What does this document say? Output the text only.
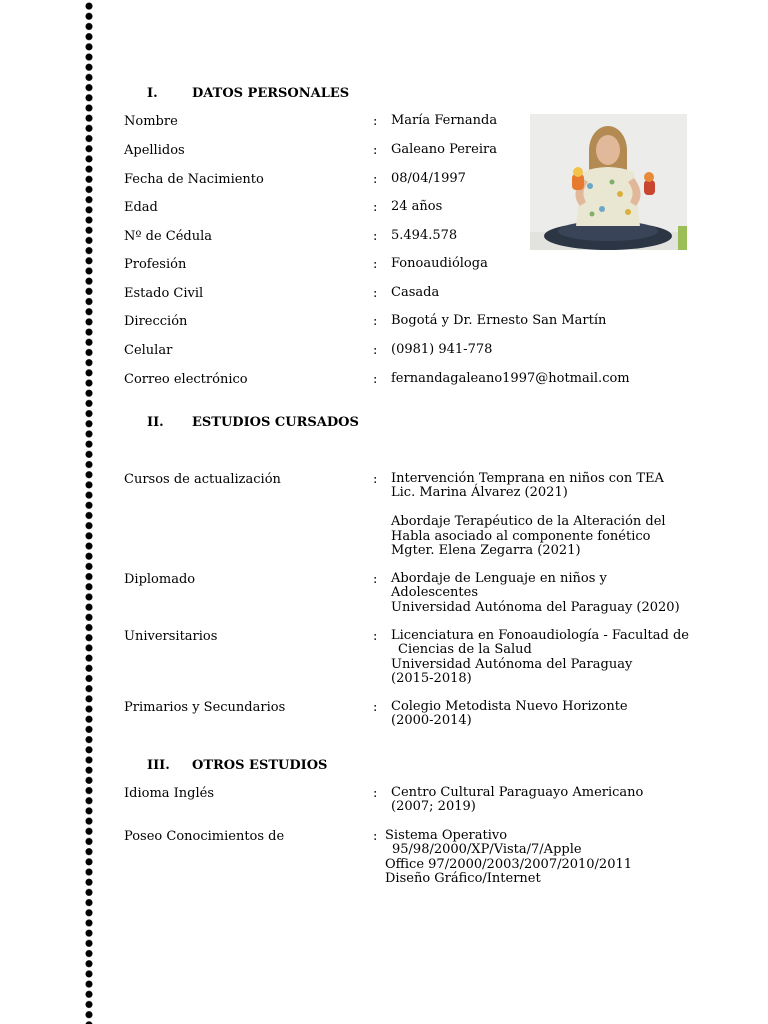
I.	DATOS PERSONALES
Nombre	: María Fernanda
Apellidos	: Galeano Pereira
Fecha de Nacimiento	: 08/04/1997
Edad	: 24 años
Nº de Cédula	: 5.494.578
Profesión	: Fonoaudióloga
Estado Civil	: Casada
Dirección	: Bogotá y Dr. Ernesto San Martín
Celular	: (0981) 941-778
Correo electrónico	: fernandagaleano1997@hotmail.com
II. ESTUDIOS CURSADOS
Cursos de actualización	: Intervención Temprana en niños con TEA
Lic. Marina Álvarez (2021)
Abordaje Terapéutico de la Alteración del
Habla asociado al componente fonético
Mgter. Elena Zegarra (2021)
Diplomado	: Abordaje de Lenguaje en niños y
Adolescentes
Universidad Autónoma del Paraguay (2020)
Universitarios	: Licenciatura en Fonoaudiología - Facultad de
Ciencias de la Salud
Universidad Autónoma del Paraguay
(2015-2018)
Primarios y Secundarios	: Colegio Metodista Nuevo Horizonte
(2000-2014)
III. OTROS ESTUDIOS
Idioma Inglés	: Centro Cultural Paraguayo Americano
(2007; 2019)
Poseo Conocimientos de	: Sistema Operativo
95/98/2000/XP/Vista/7/Apple
Office 97/2000/2003/2007/2010/2011
Diseño Gráfico/Internet
